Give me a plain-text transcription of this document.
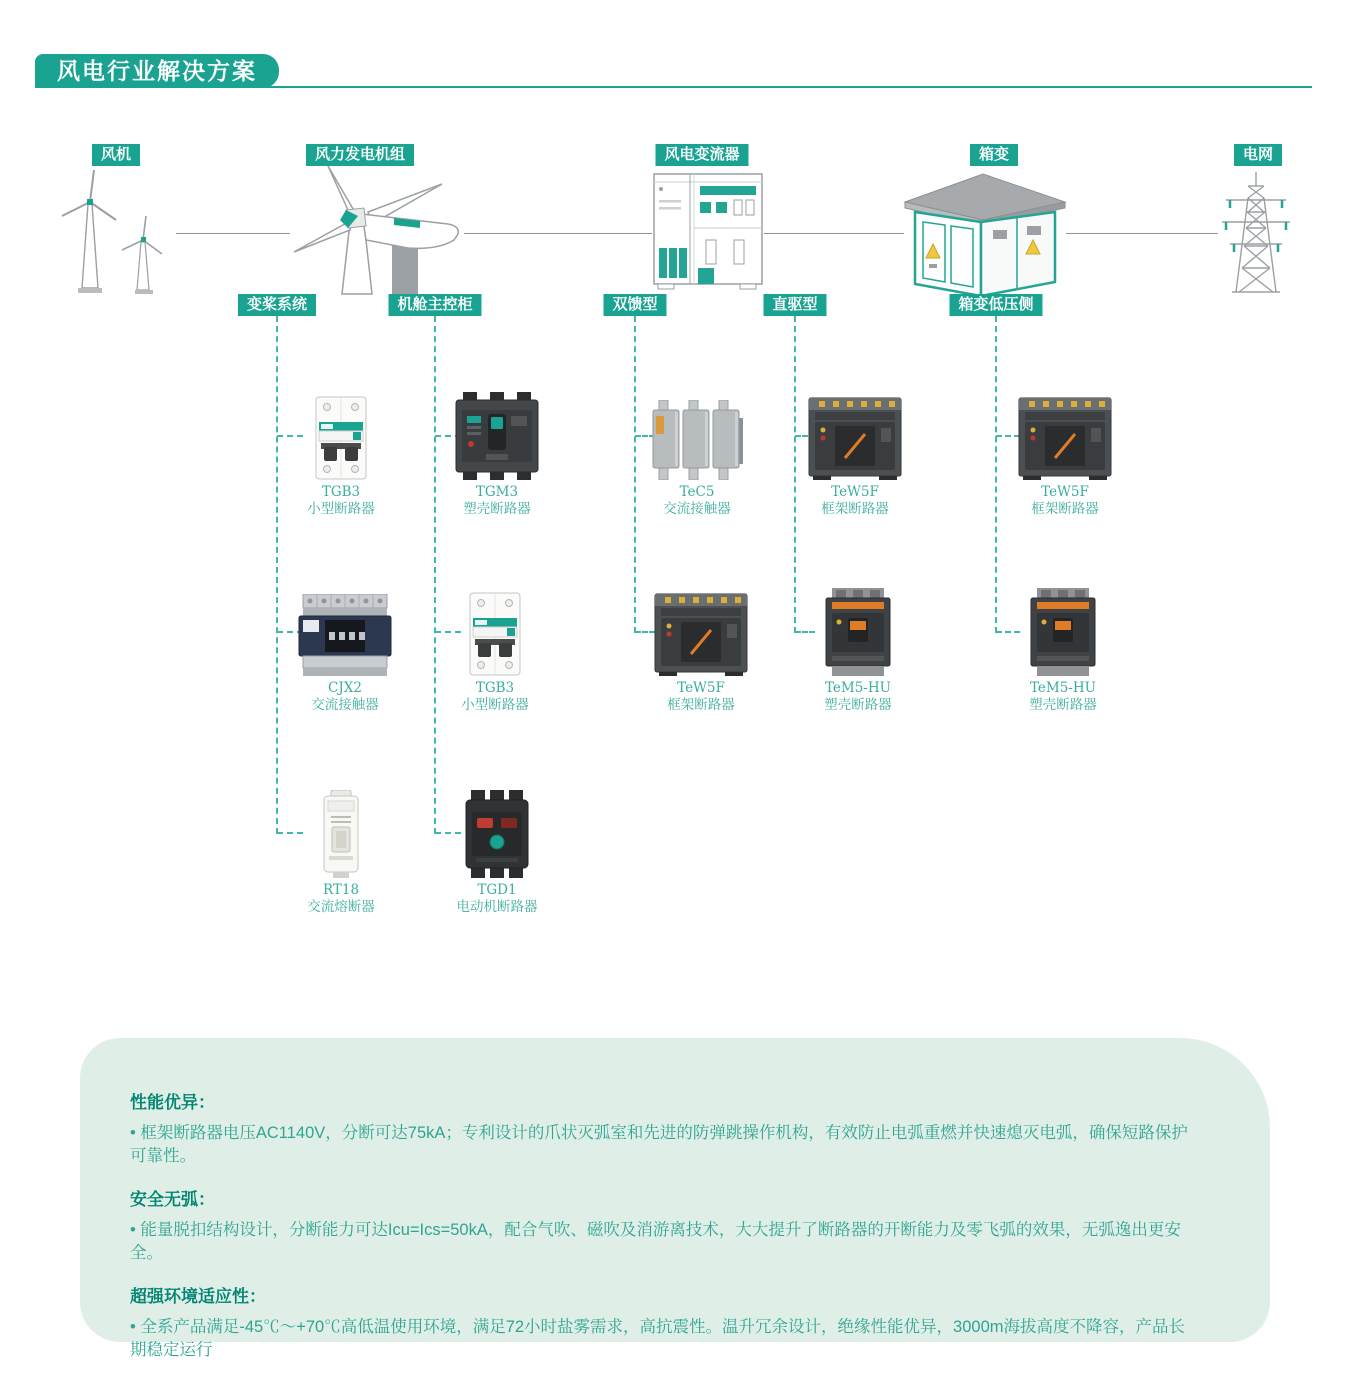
风电行业解决方案
风机	风力发电机组	风电变流器	箱变	电网
变桨系统	机舱主控柜	双馈型	直驱型	箱变低压侧
TGB3
小型断路器
CJX2
交流接触器
RT18
交流熔断器
TGM3
塑壳断路器
TGB3
小型断路器
TGD1
电动机断路器
TeC5
交流接触器
TeW5F
框架断路器
TeW5F
框架断路器
TeM5-HU
塑壳断路器
TeW5F
框架断路器
TeM5-HU
塑壳断路器
性能优异：

• 框架断路器电压AC1140V，分断可达75kA；专利设计的爪状灭弧室和先进的防弹跳操作机构，有效防止电弧重燃并快速熄灭电弧，确保短路保护可靠性。

安全无弧：

• 能量脱扣结构设计，分断能力可达Icu=Ics=50kA，配合气吹、磁吹及消游离技术，大大提升了断路器的开断能力及零飞弧的效果，无弧逸出更安全。

超强环境适应性：

• 全系产品满足-45℃～+70℃高低温使用环境，满足72小时盐雾需求，高抗震性。温升冗余设计，绝缘性能优异，3000m海拔高度不降容，产品长期稳定运行
